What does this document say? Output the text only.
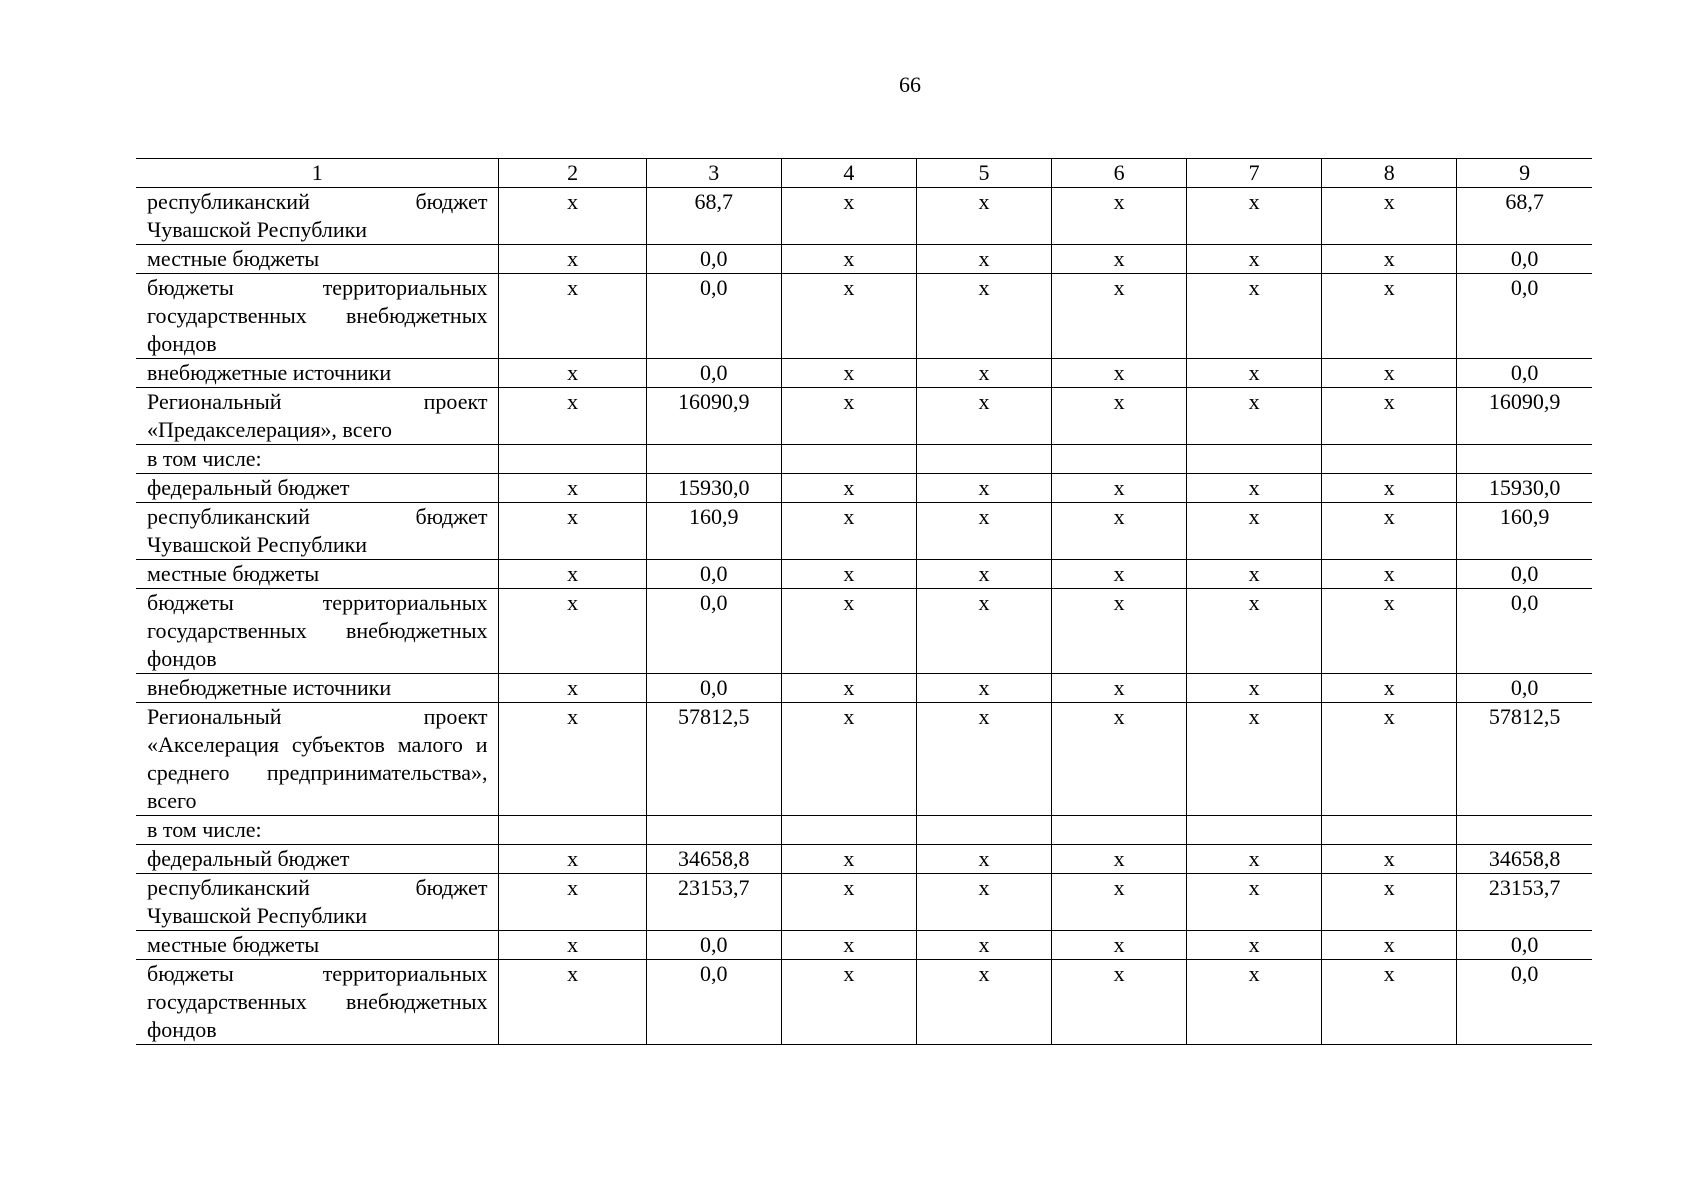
66
1	2	3	4	5	6	7	8	9
республиканский бюджет Чувашской Республики	х	68,7	х	х	х	х	х	68,7
местные бюджеты	х	0,0	х	х	х	х	х	0,0
бюджеты территориальных государственных внебюджетных фондов	х	0,0	х	х	х	х	х	0,0
внебюджетные источники	х	0,0	х	х	х	х	х	0,0
Региональный проект «Предакселерация», всего	х	16090,9	х	х	х	х	х	16090,9
в том числе:								
федеральный бюджет	х	15930,0	х	х	х	х	х	15930,0
республиканский бюджет Чувашской Республики	х	160,9	х	х	х	х	х	160,9
местные бюджеты	х	0,0	х	х	х	х	х	0,0
бюджеты территориальных государственных внебюджетных фондов	х	0,0	х	х	х	х	х	0,0
внебюджетные источники	х	0,0	х	х	х	х	х	0,0
Региональный проект «Акселерация субъектов малого и среднего предпринимательства», всего	х	57812,5	х	х	х	х	х	57812,5
в том числе:								
федеральный бюджет	х	34658,8	х	х	х	х	х	34658,8
республиканский бюджет Чувашской Республики	х	23153,7	х	х	х	х	х	23153,7
местные бюджеты	х	0,0	х	х	х	х	х	0,0
бюджеты территориальных государственных внебюджетных фондов	х	0,0	х	х	х	х	х	0,0
